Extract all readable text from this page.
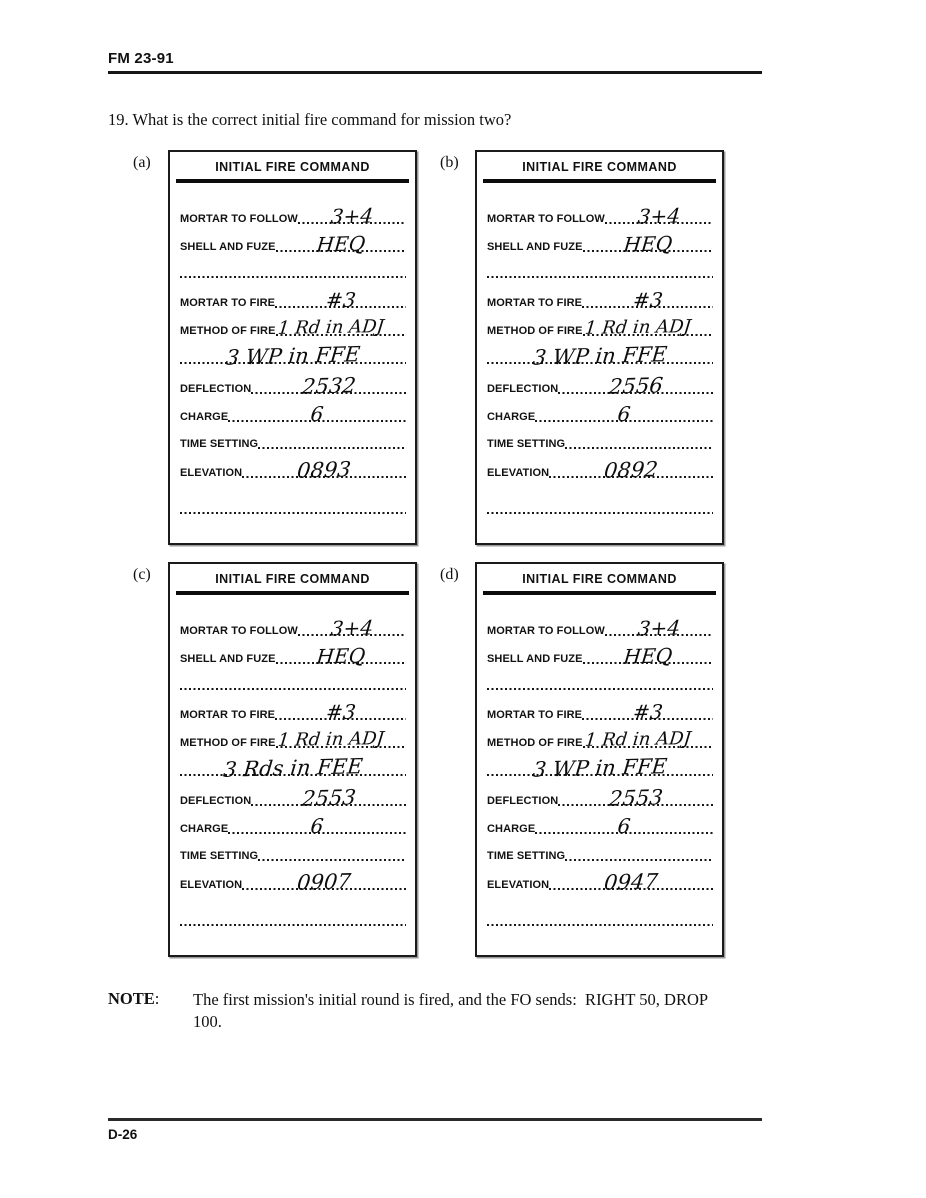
FM 23-91
19. What is the correct initial fire command for mission two?
(a)	INITIAL FIRE COMMAND
MORTAR TO FOLLOW 3+4
SHELL AND FUZE HEQ
MORTAR TO FIRE #3
METHOD OF FIRE 1 Rd in ADJ
3 WP in FFE
DEFLECTION 2532
CHARGE	6
TIME SETTING
ELEVATION	0893
(b)	INITIAL FIRE COMMAND
MORTAR TO FOLLOW 3+4
SHELL AND FUZE HEQ
MORTAR TO FIRE #3
METHOD OF FIRE 1 Rd in ADJ
3 WP in FFE
DEFLECTION 2556
CHARGE	6
TIME SETTING
ELEVATION	0892
(c)	INITIAL FIRE COMMAND
MORTAR TO FOLLOW 3+4
SHELL AND FUZE HEQ
MORTAR TO FIRE #3
METHOD OF FIRE 1 Rd in ADJ
3 Rds in FEE
DEFLECTION 2553
CHARGE	6
TIME SETTING
ELEVATION	0907
(d)	INITIAL FIRE COMMAND
MORTAR TO FOLLOW 3+4
SHELL AND FUZE HEQ
MORTAR TO FIRE #3
METHOD OF FIRE 1 Rd in ADJ
3 WP in FFE
DEFLECTION 2553
CHARGE	6
TIME SETTING
ELEVATION	0947
NOTE: The first mission's initial round is fired, and the FO sends:  RIGHT 50, DROP
100.
D-26
